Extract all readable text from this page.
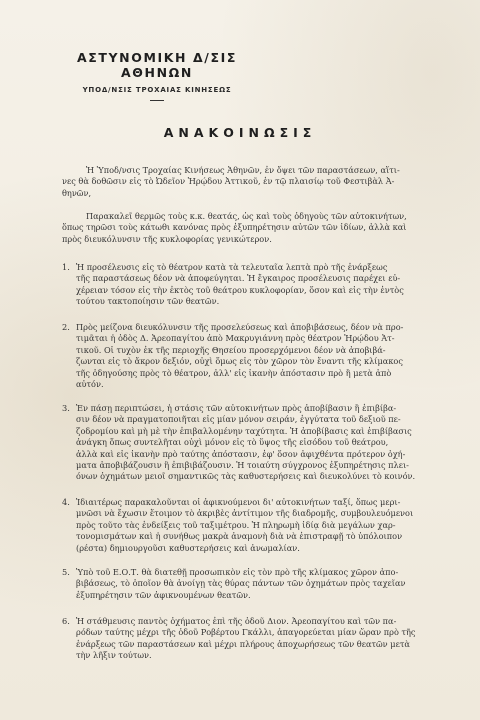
ΑΣΤΥΝΟΜΙΚΗ Δ/ΣΙΣ ΑΘΗΝΩΝ
ΥΠΟΔ/ΝΣΙΣ ΤΡΟΧΑΙΑΣ ΚΙΝΗΣΕΩΣ
ΑΝΑΚΟΙΝΩΣΙΣ
Ἡ Ὑποδ/νσις Τροχαίας Κινήσεως Ἀθηνῶν, ἐν ὄψει τῶν παραστάσεων, αἵτι-
νες θὰ δοθῶσιν εἰς τὸ Ὠδεῖον Ἡρῴδου Ἀττικοῦ, ἐν τῷ πλαισίῳ τοῦ Φεστιβὰλ Ἀ-
θηνῶν,
Παρακαλεῖ θερμῶς τοὺς κ.κ. θεατάς, ὡς καὶ τοὺς ὁδηγοὺς τῶν αὐτοκινήτων,
ὅπως τηρῶσι τοὺς κάτωθι κανόνας πρὸς ἐξυπηρέτησιν αὐτῶν τῶν ἰδίων, ἀλλὰ καὶ
πρὸς διευκόλυνσιν τῆς κυκλοφορίας γενικώτερον.
1. Ἡ προσέλευσις εἰς τὸ θέατρον κατὰ τὰ τελευταῖα λεπτὰ πρὸ τῆς ἐνάρξεως
τῆς παραστάσεως δέον νὰ ἀποφεύγηται. Ἡ ἔγκαιρος προσέλευσις παρέχει εὐ-
χέρειαν τόσον εἰς τὴν ἐκτὸς τοῦ θεάτρου κυκλοφορίαν, ὅσον καὶ εἰς τὴν ἐντὸς
τούτου τακτοποίησιν τῶν θεατῶν.
2. Πρὸς μείζονα διευκόλυνσιν τῆς προσελεύσεως καὶ ἀποβιβάσεως, δέον νὰ προ-
τιμᾶται ἡ ὁδὸς Δ. Ἀρεοπαγίτου ἀπὸ Μακρυγιάννη πρὸς θέατρον Ἡρῴδου Ἀτ-
τικοῦ. Οἱ τυχὸν ἐκ τῆς περιοχῆς Θησείου προσερχόμενοι δέον νὰ ἀποβιβά-
ζωνται εἰς τὸ ἄκρον δεξιόν, οὐχὶ ὅμως εἰς τὸν χῶρον τὸν ἔναντι τῆς κλίμακος
τῆς ὁδηγούσης πρὸς τὸ θέατρον, ἀλλ' εἰς ἱκανὴν ἀπόστασιν πρὸ ἢ μετὰ ἀπὸ
αὐτόν.
3. Ἐν πάσῃ περιπτώσει, ἡ στάσις τῶν αὐτοκινήτων πρὸς ἀποβίβασιν ἢ ἐπιβίβα-
σιν δέον νὰ πραγματοποιῆται εἰς μίαν μόνον σειράν, ἐγγύτατα τοῦ δεξιοῦ πε-
ζοδρομίου καὶ μὴ μὲ τὴν ἐπιβαλλομένην ταχύτητα. Ἡ ἀποβίβασις καὶ ἐπιβίβασις
ἀνάγκη ὅπως συντελῆται οὐχὶ μόνον εἰς τὸ ὕψος τῆς εἰσόδου τοῦ θεάτρου,
ἀλλὰ καὶ εἰς ἱκανὴν πρὸ ταύτης ἀπόστασιν, ἐφ' ὅσον ἀφιχθέντα πρότερον ὀχή-
ματα ἀποβιβάζουσιν ἢ ἐπιβιβάζουσιν. Ἡ τοιαύτη σύγχρονος ἐξυπηρέτησις πλει-
όνων ὀχημάτων μειοῖ σημαντικῶς τὰς καθυστερήσεις καὶ διευκολύνει τὸ κοινόν.
4. Ἰδιαιτέρως παρακαλοῦνται οἱ ἀφικνούμενοι δι' αὐτοκινήτων ταξί, ὅπως μερι-
μνῶσι νὰ ἔχωσιν ἕτοιμον τὸ ἀκριβὲς ἀντίτιμον τῆς διαδρομῆς, συμβουλευόμενοι
πρὸς τοῦτο τὰς ἐνδείξεις τοῦ ταξιμέτρου. Ἡ πληρωμὴ ἰδίᾳ διὰ μεγάλων χαρ-
τονομισμάτων καὶ ἡ συνήθως μακρὰ ἀναμονὴ διὰ νὰ ἐπιστραφῇ τὸ ὑπόλοιπον
(ρέστα) δημιουργοῦσι καθυστερήσεις καὶ ἀνωμαλίαν.
5. Ὑπὸ τοῦ Ε.Ο.Τ. θὰ διατεθῇ προσωπικὸν εἰς τὸν πρὸ τῆς κλίμακος χῶρον ἀπο-
βιβάσεως, τὸ ὁποῖον θὰ ἀνοίγῃ τὰς θύρας πάντων τῶν ὀχημάτων πρὸς ταχεῖαν
ἐξυπηρέτησιν τῶν ἀφικνουμένων θεατῶν.
6. Ἡ στάθμευσις παντὸς ὀχήματος ἐπὶ τῆς ὁδοῦ Διον. Ἀρεοπαγίτου καὶ τῶν πα-
ρόδων ταύτης μέχρι τῆς ὁδοῦ Ροβέρτου Γκάλλι, ἀπαγορεύεται μίαν ὥραν πρὸ τῆς
ἐνάρξεως τῶν παραστάσεων καὶ μέχρι πλήρους ἀποχωρήσεως τῶν θεατῶν μετὰ
τὴν λῆξιν τούτων.
